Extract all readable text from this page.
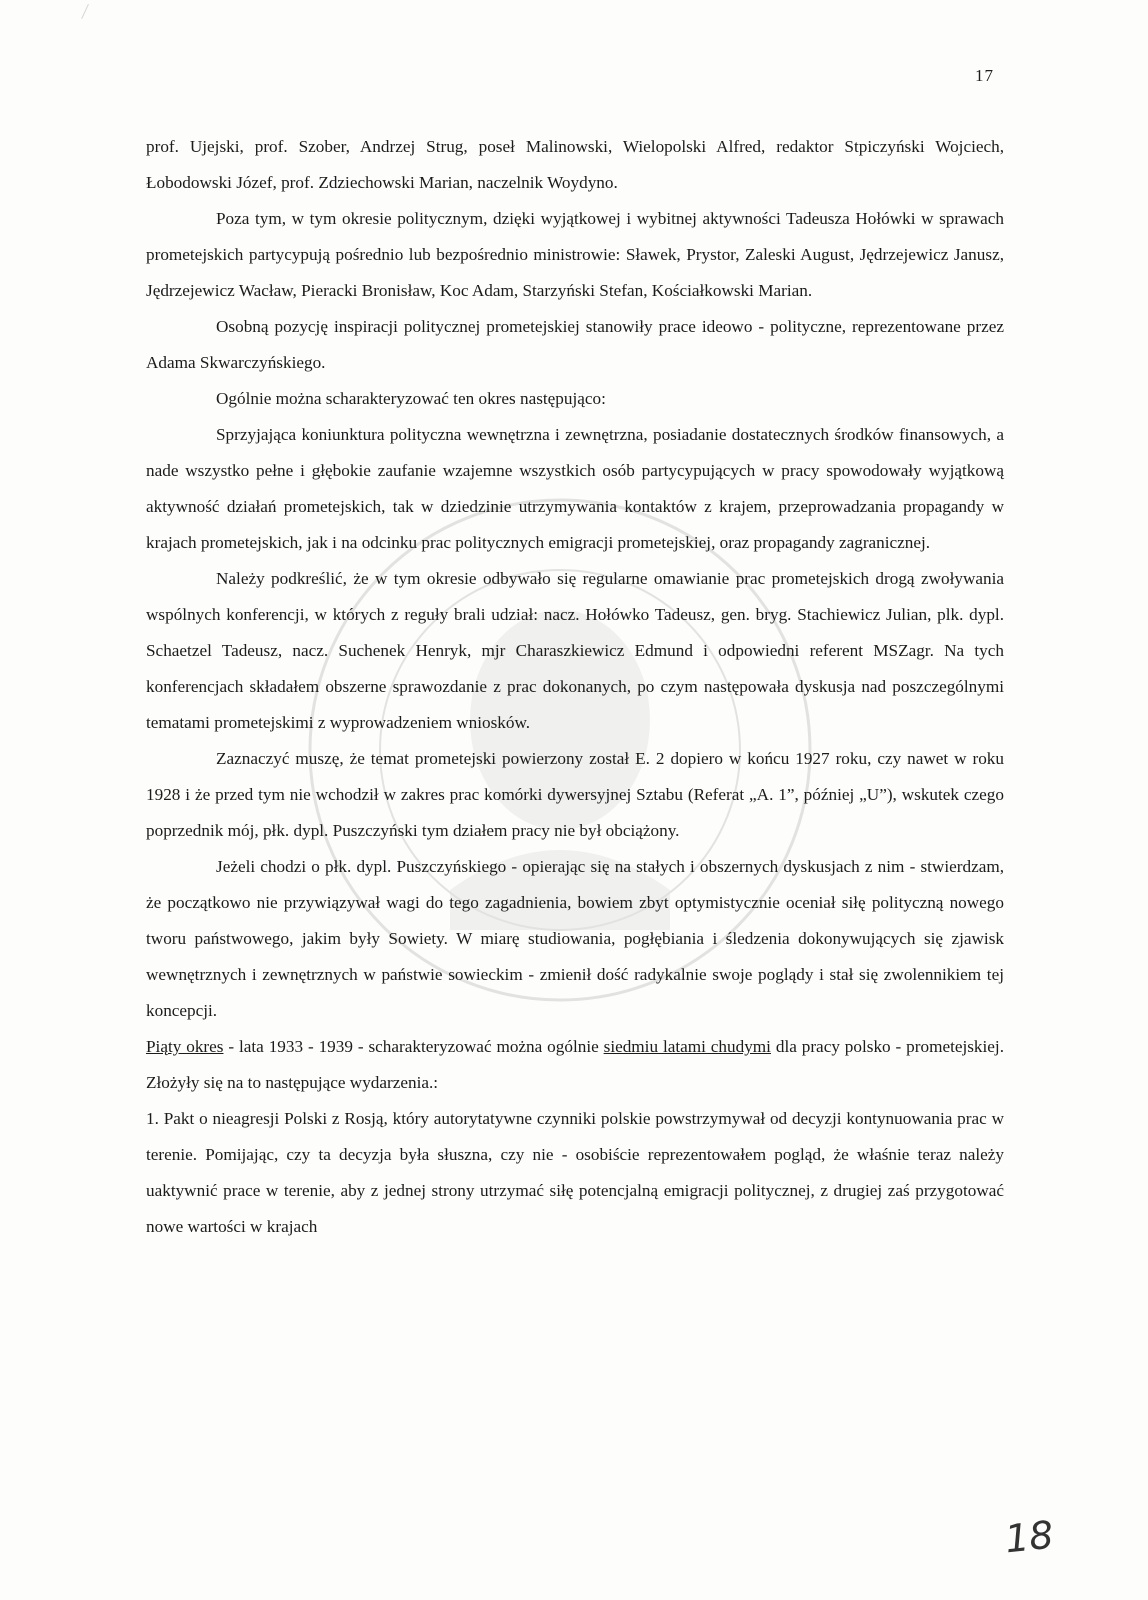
17

prof. Ujejski, prof. Szober, Andrzej Strug, poseł Malinowski, Wielopolski Alfred, redaktor Stpiczyński Wojciech, Łobodowski Józef, prof. Zdziechowski Marian, naczelnik Woydyno.

Poza tym, w tym okresie politycznym, dzięki wyjątkowej i wybitnej aktywności Tadeusza Hołówki w sprawach prometejskich partycypują pośrednio lub bezpośrednio ministrowie: Sławek, Prystor, Zaleski August, Jędrzejewicz Janusz, Jędrzejewicz Wacław, Pieracki Bronisław, Koc Adam, Starzyński Stefan, Kościałkowski Marian.

Osobną pozycję inspiracji politycznej prometejskiej stanowiły prace ideowo - polityczne, reprezentowane przez Adama Skwarczyńskiego.

Ogólnie można scharakteryzować ten okres następująco:

Sprzyjająca koniunktura polityczna wewnętrzna i zewnętrzna, posiadanie dostatecznych środków finansowych, a nade wszystko pełne i głębokie zaufanie wzajemne wszystkich osób partycypujących w pracy spowodowały wyjątkową aktywność działań prometejskich, tak w dziedzinie utrzymywania kontaktów z krajem, przeprowadzania propagandy w krajach prometejskich, jak i na odcinku prac politycznych emigracji prometejskiej, oraz propagandy zagranicznej.

Należy podkreślić, że w tym okresie odbywało się regularne omawianie prac prometejskich drogą zwoływania wspólnych konferencji, w których z reguły brali udział: nacz. Hołówko Tadeusz, gen. bryg. Stachiewicz Julian, plk. dypl. Schaetzel Tadeusz, nacz. Suchenek Henryk, mjr Charaszkiewicz Edmund i odpowiedni referent MSZagr. Na tych konferencjach składałem obszerne sprawozdanie z prac dokonanych, po czym następowała dyskusja nad poszczególnymi tematami prometejskimi z wyprowadzeniem wniosków.

Zaznaczyć muszę, że temat prometejski powierzony został E. 2 dopiero w końcu 1927 roku, czy nawet w roku 1928 i że przed tym nie wchodził w zakres prac komórki dywersyjnej Sztabu (Referat „A. 1”, później „U”), wskutek czego poprzednik mój, płk. dypl. Puszczyński tym działem pracy nie był obciążony.

Jeżeli chodzi o płk. dypl. Puszczyńskiego - opierając się na stałych i obszernych dyskusjach z nim - stwierdzam, że początkowo nie przywiązywał wagi do tego zagadnienia, bowiem zbyt optymistycznie oceniał siłę polityczną nowego tworu państwowego, jakim były Sowiety. W miarę studiowania, pogłębiania i śledzenia dokonywujących się zjawisk wewnętrznych i zewnętrznych w państwie sowieckim - zmienił dość radykalnie swoje poglądy i stał się zwolennikiem tej koncepcji.

Piąty okres - lata 1933 - 1939 - scharakteryzować można ogólnie siedmiu latami chudymi dla pracy polsko - prometejskiej. Złożyły się na to następujące wydarzenia.:

1. Pakt o nieagresji Polski z Rosją, który autorytatywne czynniki polskie powstrzymywał od decyzji kontynuowania prac w terenie. Pomijając, czy ta decyzja była słuszna, czy nie - osobiście reprezentowałem pogląd, że właśnie teraz należy uaktywnić prace w terenie, aby z jednej strony utrzymać siłę potencjalną emigracji politycznej, z drugiej zaś przygotować nowe wartości w krajach

18
